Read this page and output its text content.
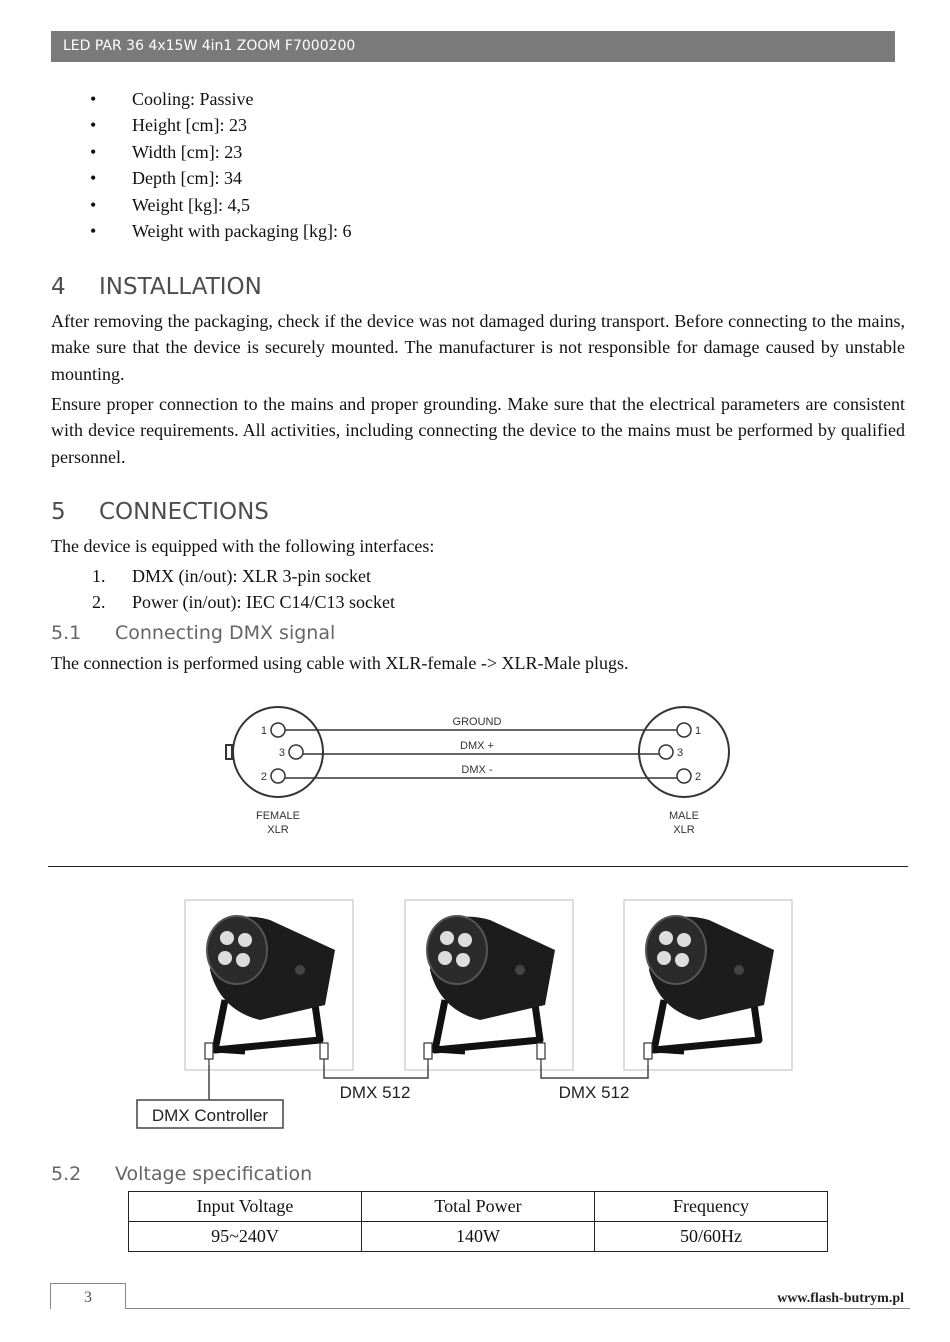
LED PAR 36 4x15W 4in1 ZOOM F7000200
• Cooling: Passive
• Height [cm]: 23
• Width [cm]: 23
• Depth [cm]: 34
• Weight [kg]: 4,5
• Weight with packaging [kg]: 6
4 INSTALLATION

After removing the packaging, check if the device was not damaged during transport. Before connecting to the mains, make sure that the device is securely mounted. The manufacturer is not responsible for damage caused by unstable mounting.

Ensure proper connection to the mains and proper grounding. Make sure that the electrical parameters are consistent with device requirements. All activities, including connecting the device to the mains must be performed by qualified personnel.

5 CONNECTIONS

The device is equipped with the following interfaces:

1. DMX (in/out): XLR 3-pin socket
2. Power (in/out): IEC C14/C13 socket
5.1 Connecting DMX signal

The connection is performed using cable with XLR-female -> XLR-Male plugs.

1
3
2
1
3
2
GROUND
DMX +
DMX -
FEMALE
XLR
MALE
XLR
DMX Controller
DMX 512	DMX 512
5.2 Voltage specification
Input Voltage	Total Power	Frequency
95~240V	140W	50/60Hz
3	www.flash-butrym.pl
